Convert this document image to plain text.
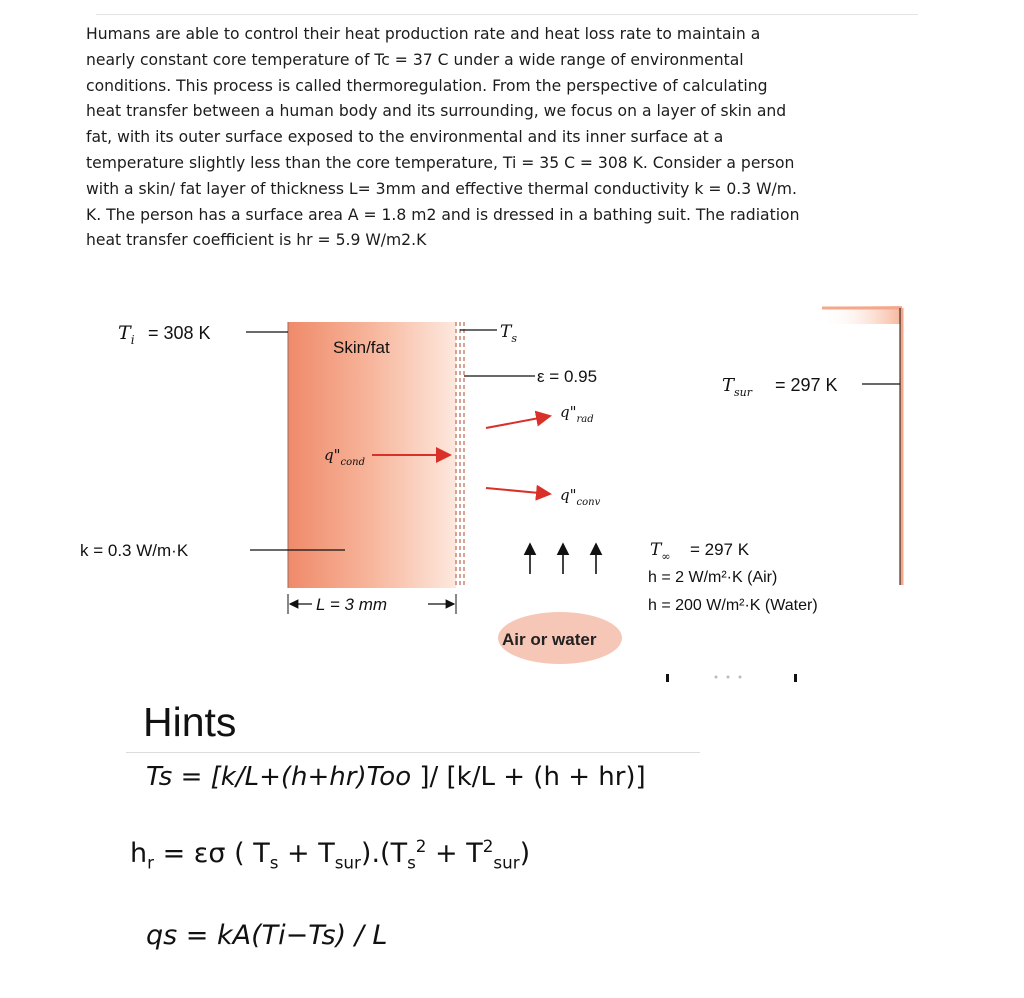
Humans are able to control their heat production rate and heat loss rate to maintain a
nearly constant core temperature of Tc = 37 C under a wide range of environmental
conditions. This process is called thermoregulation. From the perspective of calculating
heat transfer between a human body and its surrounding, we focus on a layer of skin and
fat, with its outer surface exposed to the environmental and its inner surface at a
temperature slightly less than the core temperature, Ti = 35 C = 308 K. Consider a person
with a skin/ fat layer of thickness L= 3mm and effective thermal conductivity k = 0.3 W/m.
K. The person has a surface area A = 1.8 m2 and is dressed in a bathing suit. The radiation
heat transfer coefficient is hr = 5.9 W/m2.K
$T_i = 308$ K
Skin/fat
$T_s$
ε = 0.95
$q"_{rad}$
$q"_{cond}$
$q"_{conv}$
k = 0.3 W/m·K
L = 3 mm
Air or water
$T_{sur} = 297$ K
$T_\infty = 297$ K
h = 2 W/m²·K (Air)
h = 200 W/m²·K (Water)
Hints
Ts = [k/L+(h+hr)Too ]/ [k/L + (h + hr)]
$h_r = \varepsilon\sigma$ ( $T_s + T_{sur}).(T_s^2 + T^2_{sur})$
qs = kA(Ti−Ts) / L
